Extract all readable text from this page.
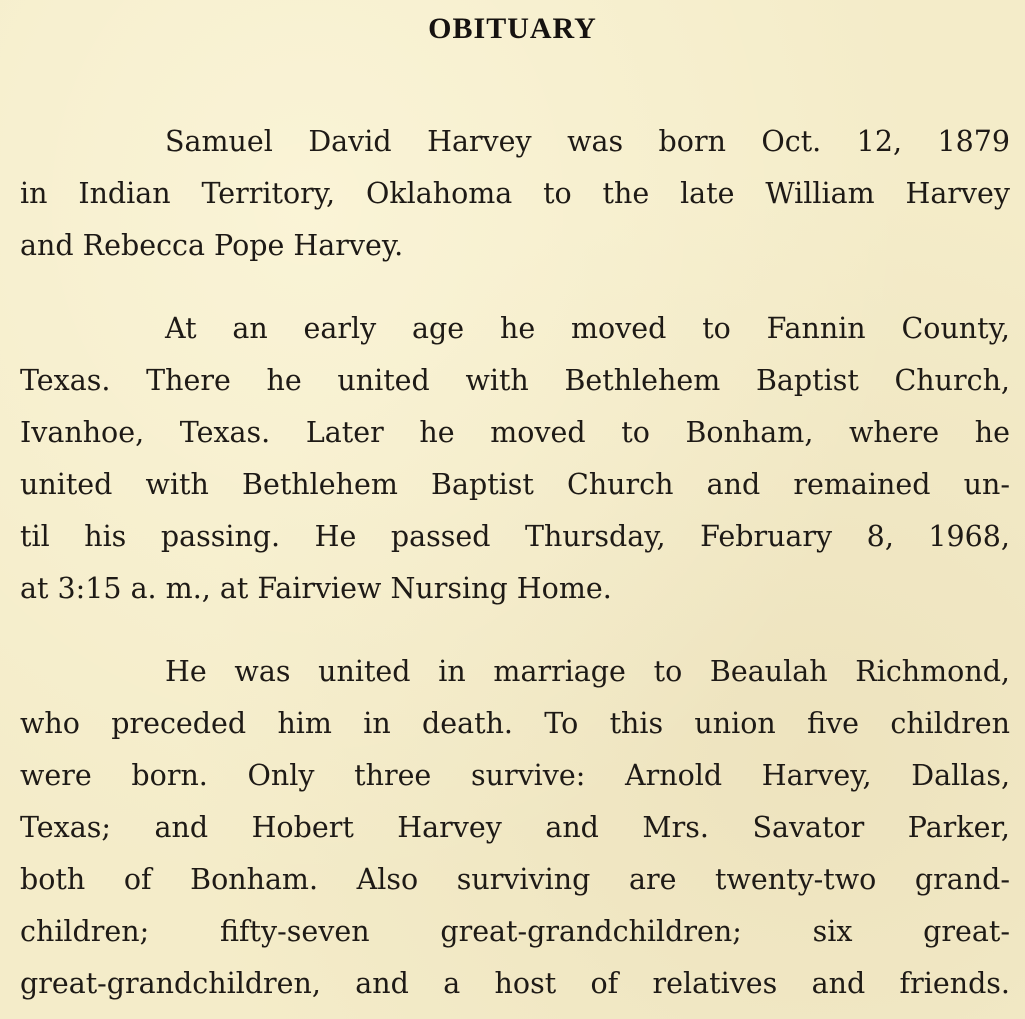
OBITUARY
Samuel David Harvey was born Oct. 12, 1879
in Indian Territory, Oklahoma to the late William Harvey
and Rebecca Pope Harvey.
At an early age he moved to Fannin County,
Texas. There he united with Bethlehem Baptist Church,
Ivanhoe, Texas. Later he moved to Bonham, where he
united with Bethlehem Baptist Church and remained un-
til his passing. He passed Thursday, February 8, 1968,
at 3:15 a. m., at Fairview Nursing Home.
He was united in marriage to Beaulah Richmond,
who preceded him in death. To this union five children
were born. Only three survive: Arnold Harvey, Dallas,
Texas; and Hobert Harvey and Mrs. Savator Parker,
both of Bonham. Also surviving are twenty-two grand-
children; fifty-seven great-grandchildren; six great-
great-grandchildren, and a host of relatives and friends.
